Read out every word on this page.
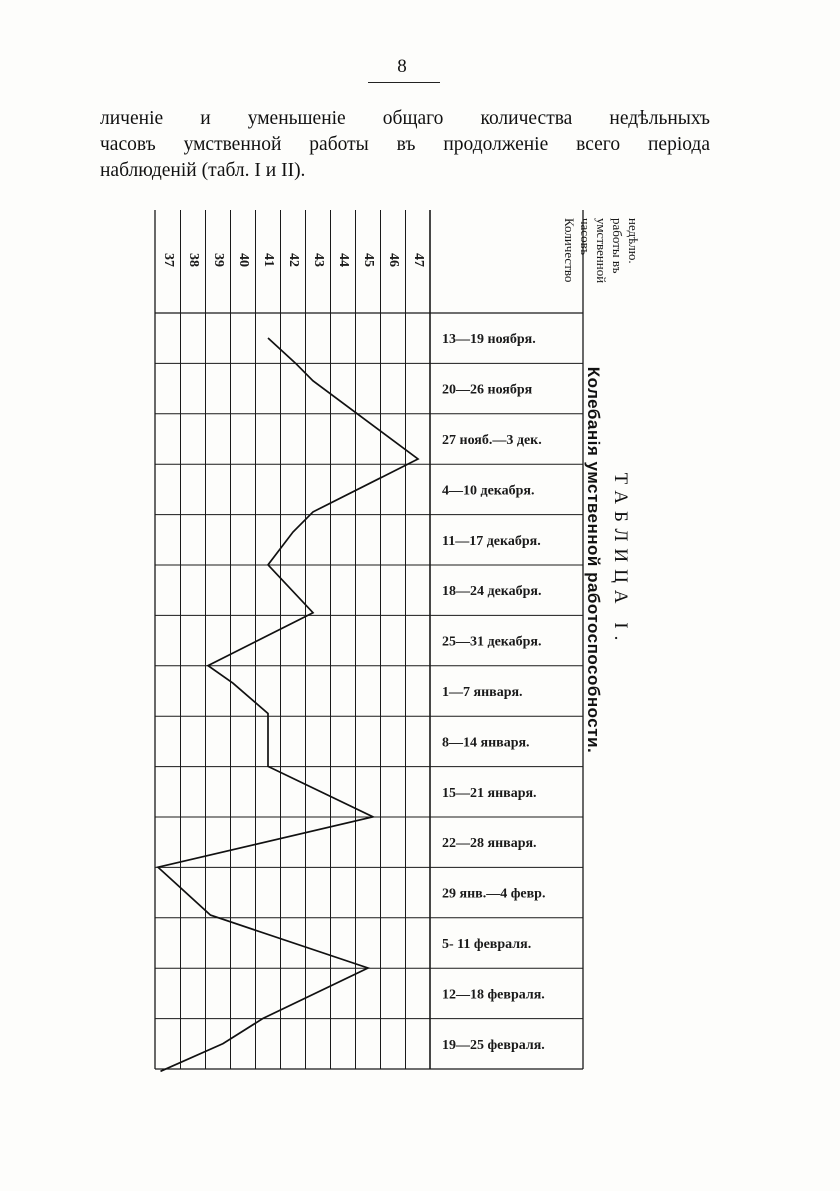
8
личеніе и уменьшеніе общаго количества недѣльныхъ
часовъ умственной работы въ продолженіе всего періода
наблюденій (табл. I и II).
47
46
45
44
43
42
41
40
39
38
37	Количествочасовъумственнойработы вънедѣлю.
13—19 ноября.
20—26 ноября
27 нояб.—3 дек.
4—10 декабря.
11—17 декабря.
18—24 декабря.
25—31 декабря.
1—7 января.
8—14 января.
15—21 января.
22—28 января.
29 янв.—4 февр.
5- 11 февраля.
12—18 февраля.
19—25 февраля.
ТАБЛИЦА I.
Колебанія умственной работоспособности.
